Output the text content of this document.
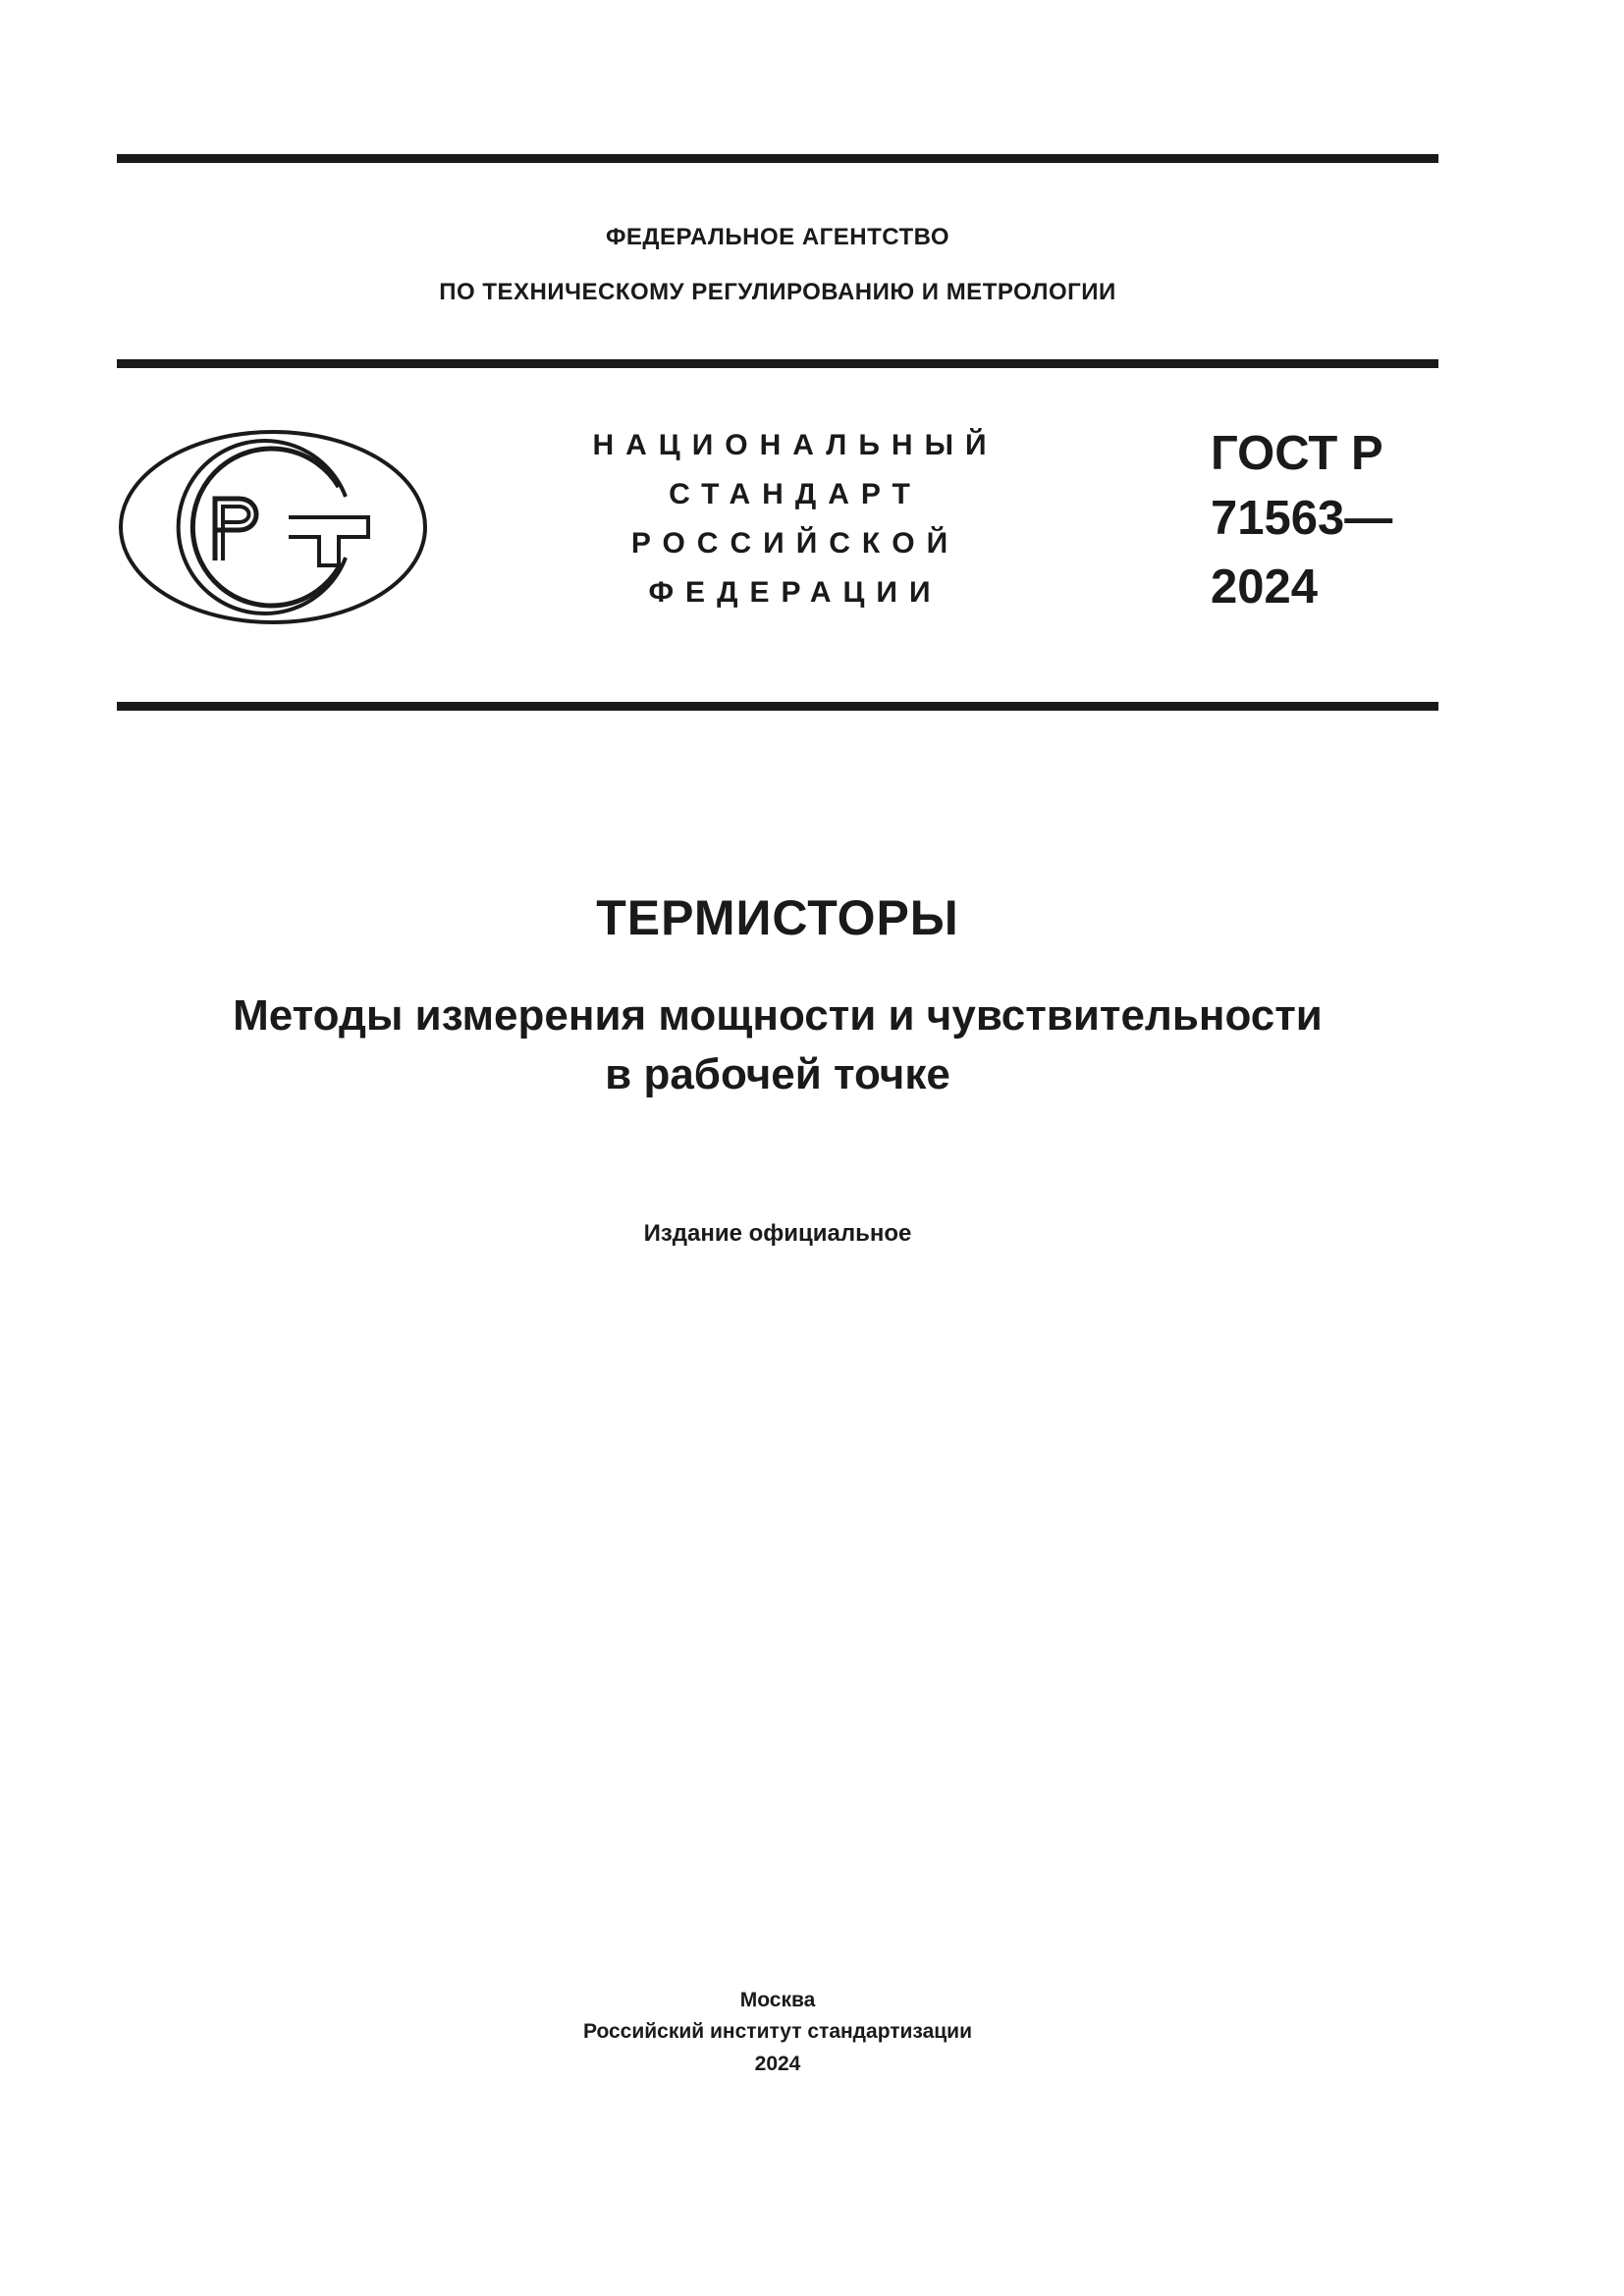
ФЕДЕРАЛЬНОЕ АГЕНТСТВО
ПО ТЕХНИЧЕСКОМУ РЕГУЛИРОВАНИЮ И МЕТРОЛОГИИ
НАЦИОНАЛЬНЫЙ
СТАНДАРТ
РОССИЙСКОЙ
ФЕДЕРАЦИИ
ГОСТ Р
71563—
2024
ТЕРМИСТОРЫ
Методы измерения мощности и чувствительности
в рабочей точке
Издание официальное
Москва
Российский институт стандартизации
2024
